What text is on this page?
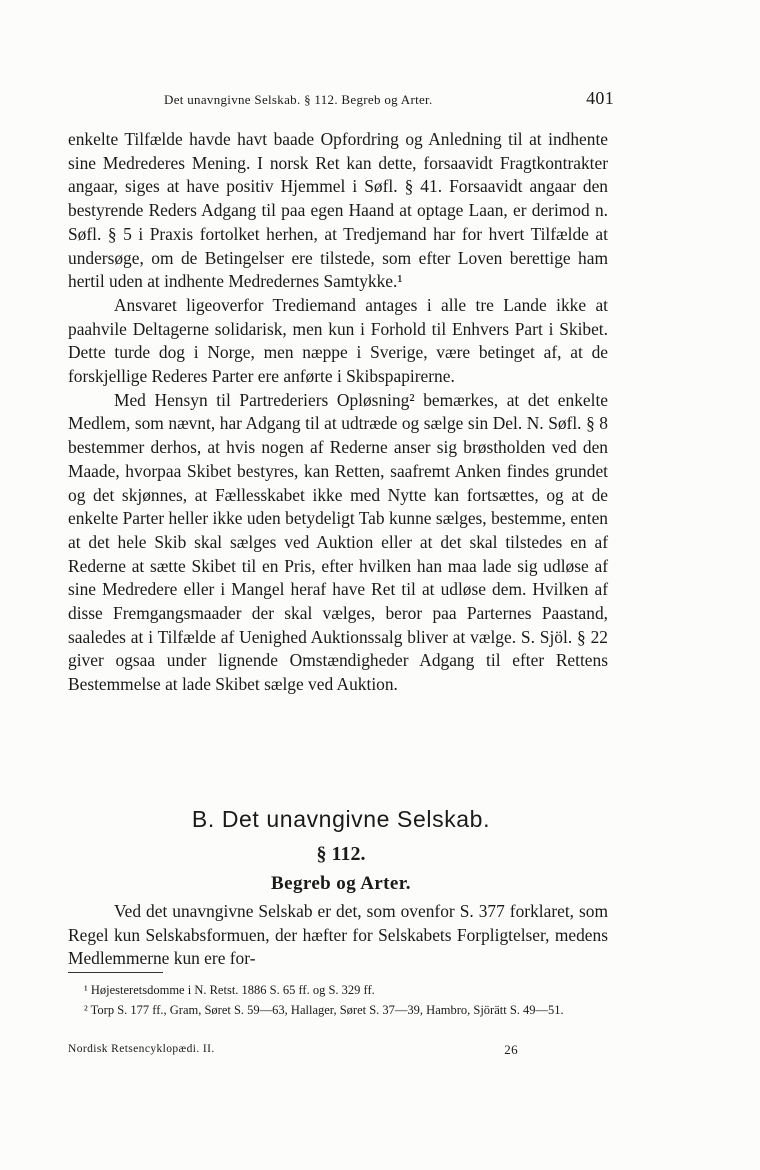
Det unavngivne Selskab. § 112. Begreb og Arter.	401

enkelte Tilfælde havde havt baade Opfordring og Anledning til at indhente sine Medrederes Mening. I norsk Ret kan dette, forsaavidt Fragtkontrakter angaar, siges at have positiv Hjemmel i Søfl. § 41. Forsaavidt angaar den bestyrende Reders Adgang til paa egen Haand at optage Laan, er derimod n. Søfl. § 5 i Praxis fortolket herhen, at Tredjemand har for hvert Tilfælde at undersøge, om de Betingelser ere tilstede, som efter Loven berettige ham hertil uden at indhente Medredernes Samtykke.¹

Ansvaret ligeoverfor Trediemand antages i alle tre Lande ikke at paahvile Deltagerne solidarisk, men kun i Forhold til Enhvers Part i Skibet. Dette turde dog i Norge, men næppe i Sverige, være betinget af, at de forskjellige Rederes Parter ere anførte i Skibspapirerne.

Med Hensyn til Partrederiers Opløsning² bemærkes, at det enkelte Medlem, som nævnt, har Adgang til at udtræde og sælge sin Del. N. Søfl. § 8 bestemmer derhos, at hvis nogen af Rederne anser sig brøstholden ved den Maade, hvorpaa Skibet bestyres, kan Retten, saafremt Anken findes grundet og det skjønnes, at Fællesskabet ikke med Nytte kan fortsættes, og at de enkelte Parter heller ikke uden betydeligt Tab kunne sælges, bestemme, enten at det hele Skib skal sælges ved Auktion eller at det skal tilstedes en af Rederne at sætte Skibet til en Pris, efter hvilken han maa lade sig udløse af sine Medredere eller i Mangel heraf have Ret til at udløse dem. Hvilken af disse Fremgangsmaader der skal vælges, beror paa Parternes Paastand, saaledes at i Tilfælde af Uenighed Auktionssalg bliver at vælge. S. Sjöl. § 22 giver ogsaa under lignende Omstændigheder Adgang til efter Rettens Bestemmelse at lade Skibet sælge ved Auktion.

B. Det unavngivne Selskab.
§ 112.
Begreb og Arter.

Ved det unavngivne Selskab er det, som ovenfor S. 377 forklaret, som Regel kun Selskabsformuen, der hæfter for Selskabets Forpligtelser, medens Medlemmerne kun ere for-

¹ Højesteretsdomme i N. Retst. 1886 S. 65 ff. og S. 329 ff.

² Torp S. 177 ff., Gram, Søret S. 59—63, Hallager, Søret S. 37—39, Hambro, Sjörätt S. 49—51.

Nordisk Retsencyklopædi. II.	26
